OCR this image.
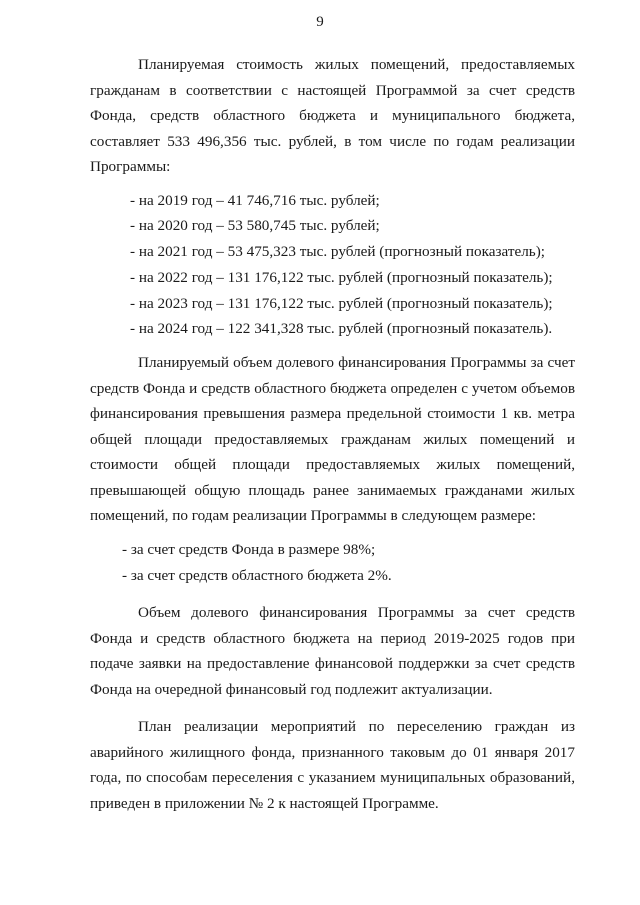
9

Планируемая стоимость жилых помещений, предоставляемых гражданам в соответствии с настоящей Программой за счет средств Фонда, средств областного бюджета и муниципального бюджета, составляет 533 496,356 тыс. рублей, в том числе по годам реализации Программы:

- на 2019 год – 41 746,716 тыс. рублей;
- на 2020 год – 53 580,745 тыс. рублей;
- на 2021 год – 53 475,323 тыс. рублей (прогнозный показатель);
- на 2022 год – 131 176,122 тыс. рублей (прогнозный показатель);
- на 2023 год – 131 176,122 тыс. рублей (прогнозный показатель);
- на 2024 год – 122 341,328 тыс. рублей (прогнозный показатель).

Планируемый объем долевого финансирования Программы за счет средств Фонда и средств областного бюджета определен с учетом объемов финансирования превышения размера предельной стоимости 1 кв. метра общей площади предоставляемых гражданам жилых помещений и стоимости общей площади предоставляемых жилых помещений, превышающей общую площадь ранее занимаемых гражданами жилых помещений, по годам реализации Программы в следующем размере:

- за счет средств Фонда в размере 98%;
- за счет средств областного бюджета 2%.

Объем долевого финансирования Программы за счет средств Фонда и средств областного бюджета на период 2019-2025 годов при подаче заявки на предоставление финансовой поддержки за счет средств Фонда на очередной финансовый год подлежит актуализации.

План реализации мероприятий по переселению граждан из аварийного жилищного фонда, признанного таковым до 01 января 2017 года, по способам переселения с указанием муниципальных образований, приведен в приложении № 2 к настоящей Программе.
